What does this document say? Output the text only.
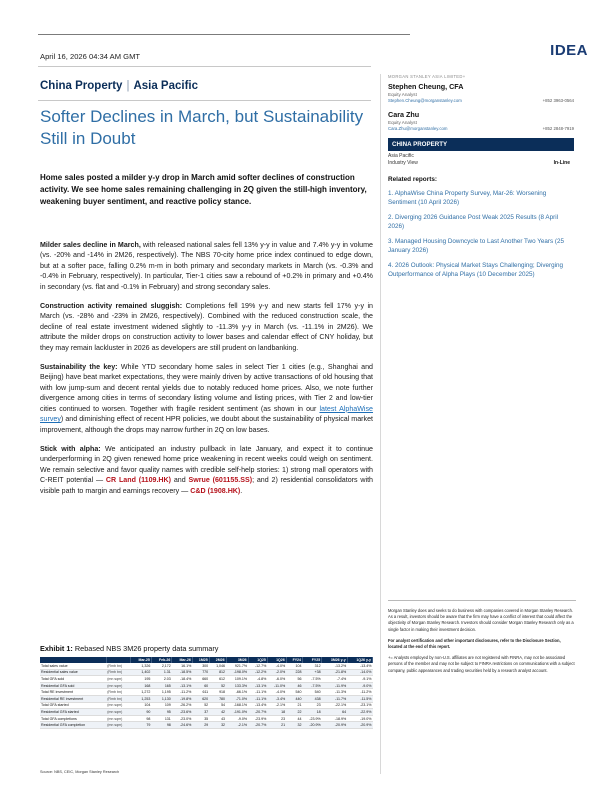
IDEA
April 16, 2026 04:34 AM GMT
China Property | Asia Pacific
Softer Declines in March, but Sustainability Still in Doubt
Home sales posted a milder y-y drop in March amid softer declines of construction activity. We see home sales remaining challenging in 2Q given the still-high inventory, weakening buyer sentiment, and reactive policy stance.
Milder sales decline in March, with released national sales fell 13% y-y in value and 7.4% y-y in volume (vs. -20% and -14% in 2M26, respectively). The NBS 70-city home price index continued to edge down, but at a softer pace, falling 0.2% m-m in both primary and secondary markets in March (vs. -0.3% and -0.4% in February, respectively). In particular, Tier-1 cities saw a rebound of +0.2% in primary and +0.4% in secondary (vs. flat and -0.1% in February) and strong secondary sales.
Construction activity remained sluggish: Completions fell 19% y-y and new starts fell 17% y-y in March (vs. -28% and -23% in 2M26, respectively). Combined with the reduced construction scale, the decline of real estate investment widened slightly to -11.3% y-y in March (vs. -11.1% in 2M26). We attribute the milder drops on construction activity to lower bases and calendar effect of CNY holiday, but they may remain lackluster in 2026 as developers are still prudent on landbanking.
Sustainability the key: While YTD secondary home sales in select Tier 1 cities (e.g., Shanghai and Beijing) have beat market expectations, they were mainly driven by active transactions of old housing that with low jump-sum and decent rental yields due to notably reduced home prices. Also, we note further divergence among cities in terms of secondary listing volume and listing prices, with Tier 2 and low-tier cities continued to worsen. Together with fragile resident sentiment (as shown in our latest AlphaWise survey) and diminishing effect of recent HPR policies, we doubt about the sustainability of physical market improvement, although the drops may narrow further in 2Q on low bases.
Stick with alpha: We anticipated an industry pullback in late January, and expect it to continue underperforming in 2Q given renewed home price weakening in recent weeks could weigh on sentiment. We remain selective and favor quality names with credible self-help stories: 1) strong mall operators with C-REIT potential — CR Land (1109.HK) and Swrue (601155.SS); and 2) residential consolidators with visible path to margin and earnings recovery — C&D (1908.HK).
Exhibit 1: Rebased NBS 3M26 property data summary
		Mar-25	Feb-26	Mar-26	1M25	2M26	3M26	1Q25	1Q26	FY24	FY25	3M26 y-y	1Q26 y-y
Total sales value	(Rmb bn)	1,326	2,172	16.1%	300	1,046	921.7%	-12.7%	-4.0%	104	312	-13.2%	-13.4%
Residential sales value	(Rmb bn)	1,402	1.31	-18.5%	770	812	-198.0%	-12.2%	-2.0%	228	+38	-21.8%	-14.0%
Total GFA sold	(mn sqm)	195	2.03	-18.4%	660	612	109.1%	-4.8%	-6.0%	56	-7.5%	-7.4%	-9.1%
Residential GFA sold	(mn sqm)	168	165	-13.1%	60	52	133.3%	-13.1%	-11.0%	46	-7.5%	-11.9%	-9.0%
Total RE investment	(Rmb bn)	1,272	1,195	-11.2%	611	918	-66.1%	-11.1%	-4.0%	540	540	-11.3%	-11.2%
Residential RE investment	(Rmb bn)	1,253	1,130	-19.8%	620	780	-71.0%	-11.1%	-3.4%	440	438	-11.7%	-11.5%
Total GFA started	(mn sqm)	104	109	-26.2%	52	54	-168.1%	-13.4%	-2.1%	21	23	-22.1%	-23.1%
Residential GFA started	(mn sqm)	90	95	-23.6%	37	42	-191.0%	-20.7%	18	22	18	64	-22.9%
Total GFA completions	(mn sqm)	98	131	-23.0%	35	43	-9.0%	-23.9%	23	44	-23.9%	-18.9%	-19.0%
Residential GFA completion	(mn sqm)	79	98	-24.6%	29	32	-2.1%	-20.7%	21	32	-20.9%	-20.9%	-20.9%
Source: NBS, CEIC, Morgan Stanley Research
MORGAN STANLEY ASIA LIMITED+
Stephen Cheung, CFA
Equity Analyst
Stephen.Cheung@morganstanley.com	+852 3963-0564
Cara Zhu
Equity Analyst
Cara.Zhu@morganstanley.com	+852 2848-7919
CHINA PROPERTY
Asia Pacific
Industry View	In-Line
Related reports:
1. AlphaWise China Property Survey, Mar-26: Worsening Sentiment (10 April 2026)
2. Diverging 2026 Guidance Post Weak 2025 Results (8 April 2026)
3. Managed Housing Downcycle to Last Another Two Years (25 January 2026)
4. 2026 Outlook: Physical Market Stays Challenging; Diverging Outperformance of Alpha Plays (10 December 2025)

Morgan Stanley does and seeks to do business with companies covered in Morgan Stanley Research. As a result, investors should be aware that the firm may have a conflict of interest that could affect the objectivity of Morgan Stanley Research. Investors should consider Morgan Stanley Research only as a single factor in making their investment decision.

For analyst certification and other important disclosures, refer to the Disclosure Section, located at the end of this report.

+= Analysts employed by non-U.S. affiliates are not registered with FINRA, may not be associated persons of the member and may not be subject to FINRA restrictions on communications with a subject company, public appearances and trading securities held by a research analyst account.
